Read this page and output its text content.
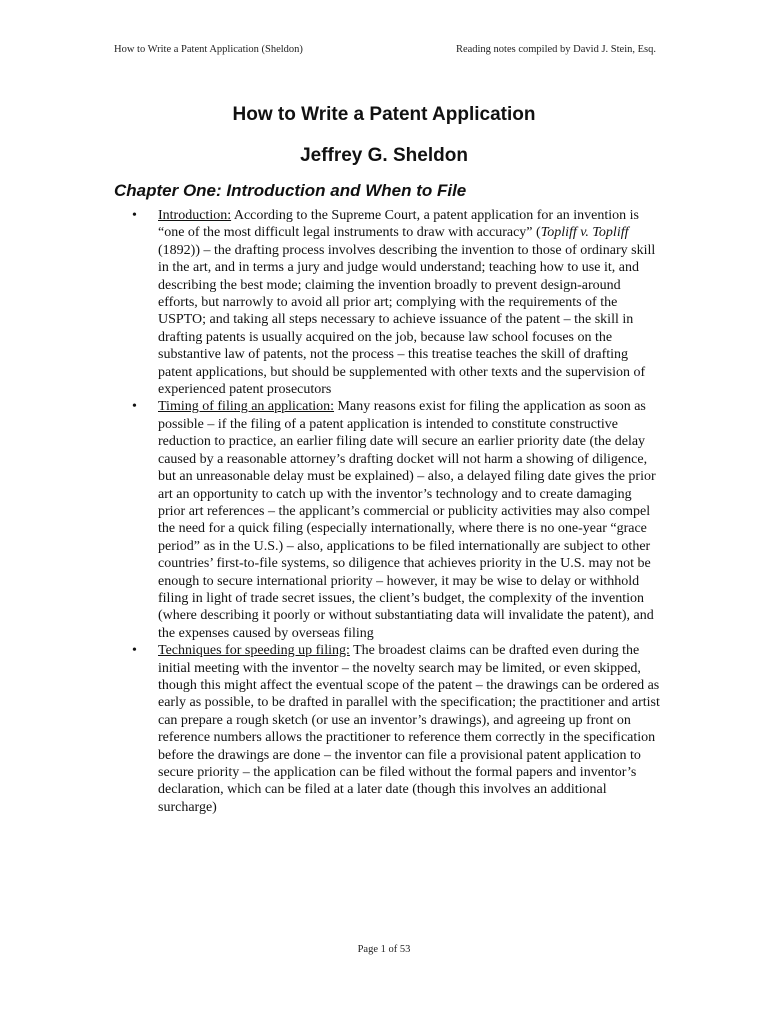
How to Write a Patent Application (Sheldon)	Reading notes compiled by David J. Stein, Esq.
How to Write a Patent Application
Jeffrey G. Sheldon
Chapter One: Introduction and When to File
• Introduction: According to the Supreme Court, a patent application for an invention is “one of the most difficult legal instruments to draw with accuracy” (Topliff v. Topliff (1892)) – the drafting process involves describing the invention to those of ordinary skill in the art, and in terms a jury and judge would understand; teaching how to use it, and describing the best mode; claiming the invention broadly to prevent design-around efforts, but narrowly to avoid all prior art; complying with the requirements of the USPTO; and taking all steps necessary to achieve issuance of the patent – the skill in drafting patents is usually acquired on the job, because law school focuses on the substantive law of patents, not the process – this treatise teaches the skill of drafting patent applications, but should be supplemented with other texts and the supervision of experienced patent prosecutors
• Timing of filing an application: Many reasons exist for filing the application as soon as possible – if the filing of a patent application is intended to constitute constructive reduction to practice, an earlier filing date will secure an earlier priority date (the delay caused by a reasonable attorney’s drafting docket will not harm a showing of diligence, but an unreasonable delay must be explained) – also, a delayed filing date gives the prior art an opportunity to catch up with the inventor’s technology and to create damaging prior art references – the applicant’s commercial or publicity activities may also compel the need for a quick filing (especially internationally, where there is no one-year “grace period” as in the U.S.) – also, applications to be filed internationally are subject to other countries’ first-to-file systems, so diligence that achieves priority in the U.S. may not be enough to secure international priority – however, it may be wise to delay or withhold filing in light of trade secret issues, the client’s budget, the complexity of the invention (where describing it poorly or without substantiating data will invalidate the patent), and the expenses caused by overseas filing
• Techniques for speeding up filing: The broadest claims can be drafted even during the initial meeting with the inventor – the novelty search may be limited, or even skipped, though this might affect the eventual scope of the patent – the drawings can be ordered as early as possible, to be drafted in parallel with the specification; the practitioner and artist can prepare a rough sketch (or use an inventor’s drawings), and agreeing up front on reference numbers allows the practitioner to reference them correctly in the specification before the drawings are done – the inventor can file a provisional patent application to secure priority – the application can be filed without the formal papers and inventor’s declaration, which can be filed at a later date (though this involves an additional surcharge)
Page 1 of 53
